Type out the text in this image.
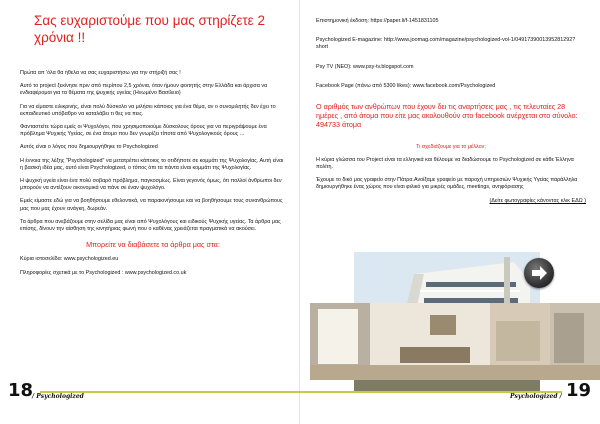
Σας ευχαριστούμε που μας στηρίζετε 2 χρόνια !!

Πρώτα απ 'όλα θα ήθελα να σας ευχαριστήσω για την στήριξή σας !

Αυτό το project ξεκίνησε πριν από περίπου 2,5 χρόνια, όταν ήμουν φοιτητής στην Ελλάδα και άρχισα να ενδιαφέρομαι για τα θέματα της ψυχικής υγείας (Ηνωμένο Βασίλειο)

Για να είμαστε ειλικρινής, είναι πολύ δύσκολο να μιλήσει κάποιος για ένα θέμα, αν ο συνομιλητής δεν έχει το εκπαιδευτικό υπόβαθρο να καταλάβει τι θες να πεις.

Φανταστείτε τώρα εμείς οι Ψυχολόγοι, που χρησιμοποιούμε δύσκολους όρους για να περιγράψουμε ένα πρόβλημα Ψυχικής Υγείας, σε ένα άτομο που δεν γνωρίζει τίποτα από Ψυχολογικούς όρους ...

Αυτός είναι ο λόγος που δημιουργήθηκε το Psychologized

Η έννοια της λέξης "Psychologized" να μετατρέπει κάποιος το οτιδήποτε σε κομμάτι της Ψυχολογίας. Αυτή είναι η βασική ιδέα μας, αυτό είναι Psychologized, ο τόπος όπι τα πάντα είναι κομμάτι της Ψυχολογίας.

Η ψυχική υγεία είναι ένα πολύ σοβαρό πρόβλημα, παγκοσμίως. Είναι γεγονός όμως, ότι πολλοί άνθρωποι δεν μπορούν να αντέξουν οικονομικά να πάνε σε έναν ψυχολόγο.

Εμείς είμαστε εδώ για να βοηθήσουμε εθελοντικά, να παρακινήσουμε και να βοηθήσουμε τους συνανθρώπους μας που μας έχουν ανάγκη, δωρεάν.

Τα άρθρα που ανεβάζουμε στην σελίδα μας είναι από Ψυχολόγους και ειδικούς Ψυχικής υγείας. Τα άρθρα μας επίσης, δίνουν την αίσθηση της κινητήριας φωνή που ο καθένας χρειάζεται πραγματικά να ακούσει.

Μπορείτε να διαβάσετε τα άρθρα μας στα:

Κύρια ιστοσελίδα: www.psychologized.eu

Πληροφορίες σχετικά με το Psychologized : www.psychologized.co.uk

18
/ Psychologized

Επιστημονική έκδοση: https://paper.li/f-1451831105

Psychologized E-magazine: http://www.joomag.com/magazine/psychologized-vol-1/0491739001395281292?short

Psy TV (ΝΕΟ): www.psy-tv.blogspot.com

Facebook Page (πάνω από 5300 likes): www.facebook.com/Psychologized

Ο αριθμός των ανθρώπων που έχουν δει τις αναρτήσεις μας , τις τελευταίες 28 ημέρες , από άτομα που είτε μας ακολουθούν στο facebook ανέρχεται στο σύνολο: 494733 άτομα

Τι σχεδιάζουμε για το μέλλον;

Η κύρια γλώσσα του Project είναι τα ελληνικά και θέλουμε να διαδώσουμε το Psychologized σε κάθε Έλληνα πολίτη.

Έχουμε το δικό μας γραφείο στην Πάτρα.Ανοίξαμε γραφείο με παροχή υπηρεσιών Ψυχικής Υγείας παράλληλα δημιουργήθηκε ένας χώρος που είναι φιλικό για μικρές ομάδες, meetings, ανηφόριασης

(Δείτε φωτογραφίες κάνοντας κλικ ΕΔΩ )

Psychologized / 19
